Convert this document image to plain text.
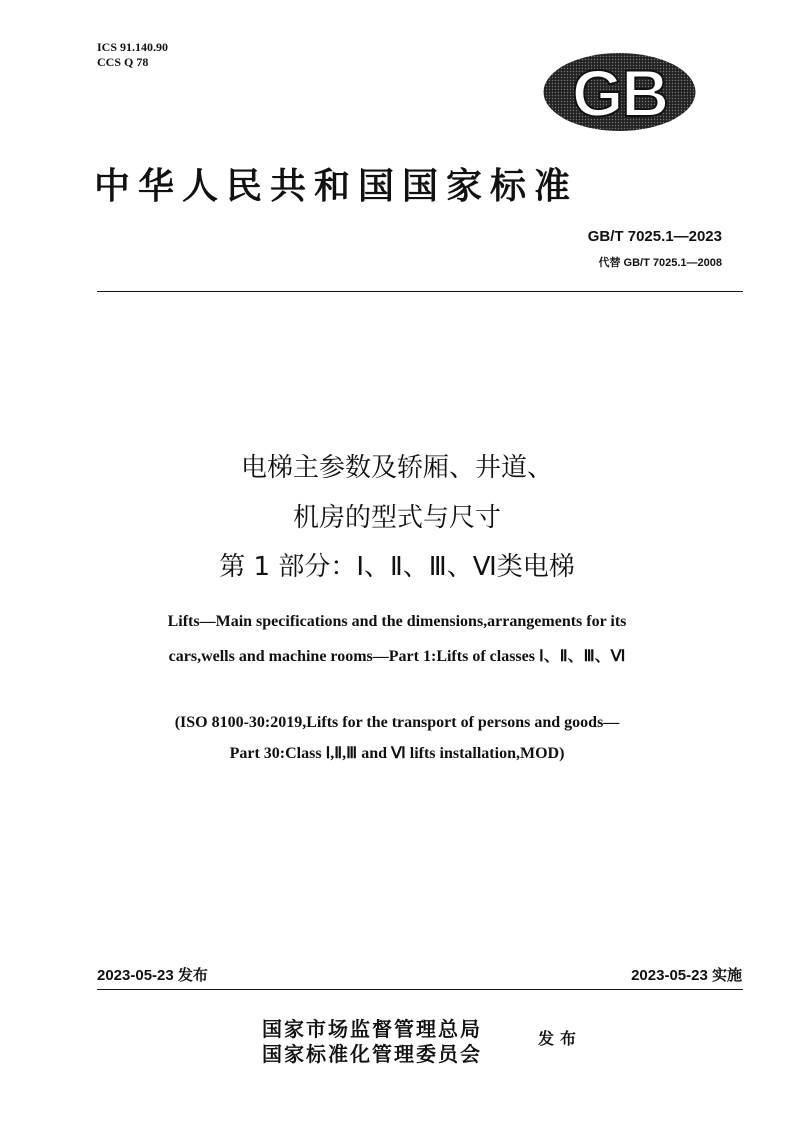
ICS 91.140.90
CCS Q 78	GB
中华人民共和国国家标准
GB/T 7025.1—2023
代替 GB/T 7025.1—2008
电梯主参数及轿厢、井道、
机房的型式与尺寸
第 1 部分：Ⅰ、Ⅱ、Ⅲ、Ⅵ类电梯
Lifts—Main specifications and the dimensions,arrangements for its
cars,wells and machine rooms—Part 1:Lifts of classes Ⅰ、Ⅱ、Ⅲ、Ⅵ
(ISO 8100-30:2019,Lifts for the transport of persons and goods—
Part 30:Class Ⅰ,Ⅱ,Ⅲ and Ⅵ lifts installation,MOD)
2023-05-23 发布	2023-05-23 实施
国家市场监督管理总局
国家标准化管理委员会
发布
